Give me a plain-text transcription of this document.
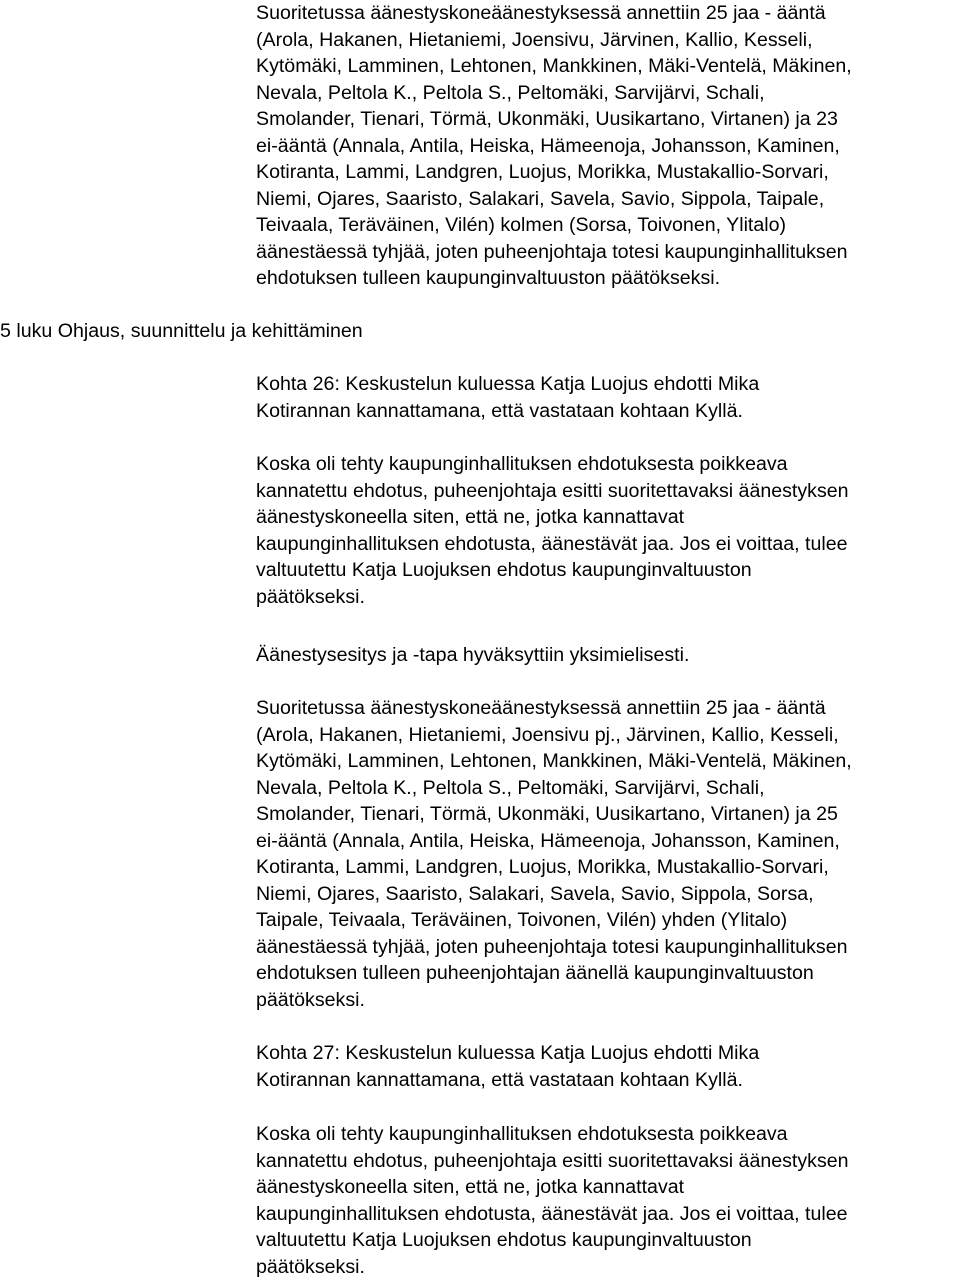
5 luku Ohjaus, suunnittelu ja kehittäminen
Suoritetussa äänestyskoneäänestyksessä annettiin 25 jaa - ääntä
(Arola, Hakanen, Hietaniemi, Joensivu, Järvinen, Kallio, Kesseli,
Kytömäki, Lamminen, Lehtonen, Mankkinen, Mäki-Ventelä, Mäkinen,
Nevala, Peltola K., Peltola S., Peltomäki, Sarvijärvi, Schali,
Smolander, Tienari, Törmä, Ukonmäki, Uusikartano, Virtanen) ja 23
ei-ääntä (Annala, Antila, Heiska, Hämeenoja, Johansson, Kaminen,
Kotiranta, Lammi, Landgren, Luojus, Morikka, Mustakallio-Sorvari,
Niemi, Ojares, Saaristo, Salakari, Savela, Savio, Sippola, Taipale,
Teivaala, Teräväinen, Vilén) kolmen (Sorsa, Toivonen, Ylitalo)
äänestäessä tyhjää, joten puheenjohtaja totesi kaupunginhallituksen
ehdotuksen tulleen kaupunginvaltuuston päätökseksi.
Kohta 26: Keskustelun kuluessa Katja Luojus ehdotti Mika
Kotirannan kannattamana, että vastataan kohtaan Kyllä.
Koska oli tehty kaupunginhallituksen ehdotuksesta poikkeava
kannatettu ehdotus, puheenjohtaja esitti suoritettavaksi äänestyksen
äänestyskoneella siten, että ne, jotka kannattavat
kaupunginhallituksen ehdotusta, äänestävät jaa. Jos ei voittaa, tulee
valtuutettu Katja Luojuksen ehdotus kaupunginvaltuuston
päätökseksi.
Äänestysesitys ja -tapa hyväksyttiin yksimielisesti.
Suoritetussa äänestyskoneäänestyksessä annettiin 25 jaa - ääntä
(Arola, Hakanen, Hietaniemi, Joensivu pj., Järvinen, Kallio, Kesseli,
Kytömäki, Lamminen, Lehtonen, Mankkinen, Mäki-Ventelä, Mäkinen,
Nevala, Peltola K., Peltola S., Peltomäki, Sarvijärvi, Schali,
Smolander, Tienari, Törmä, Ukonmäki, Uusikartano, Virtanen) ja 25
ei-ääntä (Annala, Antila, Heiska, Hämeenoja, Johansson, Kaminen,
Kotiranta, Lammi, Landgren, Luojus, Morikka, Mustakallio-Sorvari,
Niemi, Ojares, Saaristo, Salakari, Savela, Savio, Sippola, Sorsa,
Taipale, Teivaala, Teräväinen, Toivonen, Vilén) yhden (Ylitalo)
äänestäessä tyhjää, joten puheenjohtaja totesi kaupunginhallituksen
ehdotuksen tulleen puheenjohtajan äänellä kaupunginvaltuuston
päätökseksi.
Kohta 27: Keskustelun kuluessa Katja Luojus ehdotti Mika
Kotirannan kannattamana, että vastataan kohtaan Kyllä.
Koska oli tehty kaupunginhallituksen ehdotuksesta poikkeava
kannatettu ehdotus, puheenjohtaja esitti suoritettavaksi äänestyksen
äänestyskoneella siten, että ne, jotka kannattavat
kaupunginhallituksen ehdotusta, äänestävät jaa. Jos ei voittaa, tulee
valtuutettu Katja Luojuksen ehdotus kaupunginvaltuuston
päätökseksi.
